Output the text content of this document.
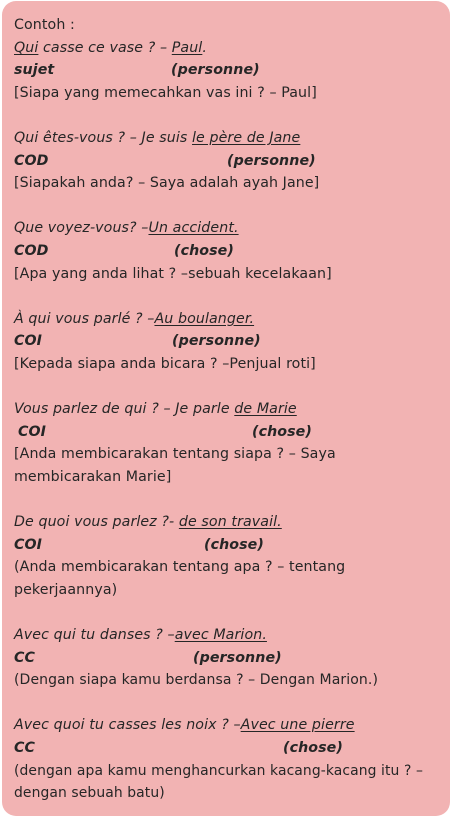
Contoh :
Qui casse ce vase ? – Paul.
sujet	(personne)
[Siapa yang memecahkan vas ini ? – Paul]
Qui êtes-vous ? – Je suis le père de Jane
COD	(personne)
[Siapakah anda? – Saya adalah ayah Jane]
Que voyez-vous? –Un accident.
COD	(chose)
[Apa yang anda lihat ? –sebuah kecelakaan]
À qui vous parlé ? –Au boulanger.
COI	(personne)
[Kepada siapa anda bicara ? –Penjual roti]
Vous parlez de qui ? – Je parle de Marie
COI	(chose)
[Anda membicarakan tentang siapa ? – Saya membicarakan Marie]
De quoi vous parlez ?- de son travail.
COI	(chose)
(Anda membicarakan tentang apa ? – tentang pekerjaannya)
Avec qui tu danses ? –avec Marion.
CC	(personne)
(Dengan siapa kamu berdansa ? – Dengan Marion.)
Avec quoi tu casses les noix ? –Avec une pierre
CC	(chose)
(dengan apa kamu menghancurkan kacang-kacang itu ? – dengan sebuah batu)
